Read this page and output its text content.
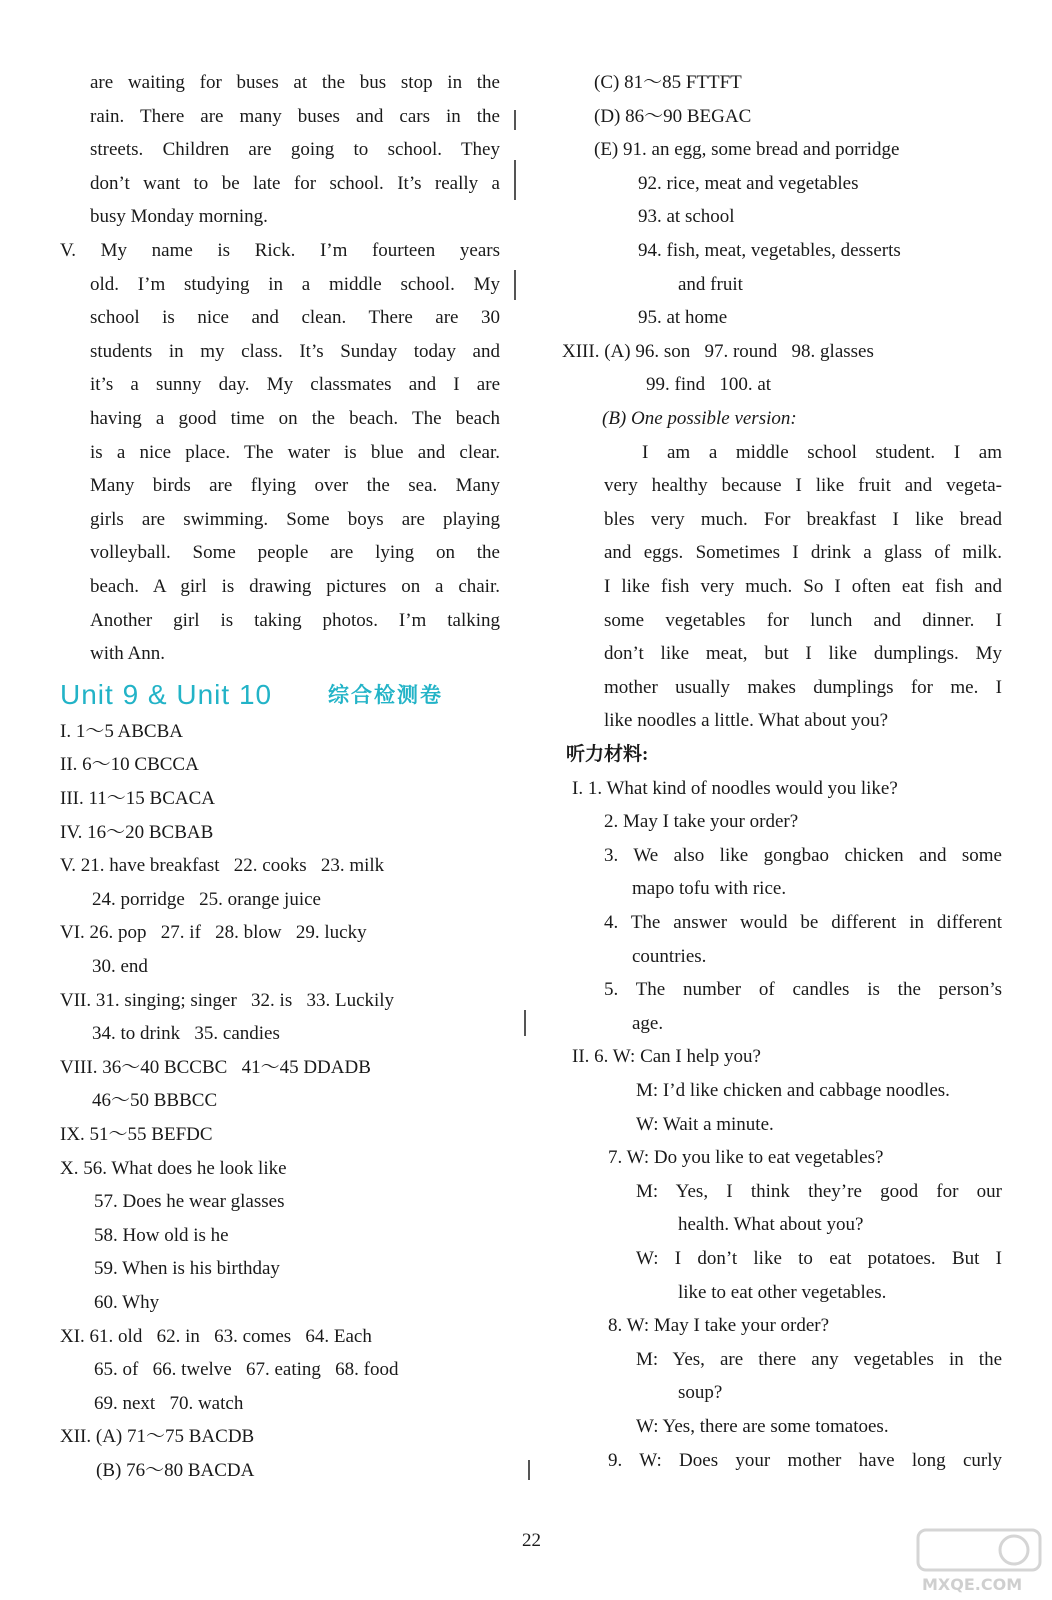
are waiting for buses at the bus stop in the
rain. There are many buses and cars in the
streets. Children are going to school. They
don’t want to be late for school. It’s really a
busy Monday morning.
V. My name is Rick. I’m fourteen years
old. I’m studying in a middle school. My
school is nice and clean. There are 30
students in my class. It’s Sunday today and
it’s a sunny day. My classmates and I are
having a good time on the beach. The beach
is a nice place. The water is blue and clear.
Many birds are flying over the sea. Many
girls are swimming. Some boys are playing
volleyball. Some people are lying on the
beach. A girl is drawing pictures on a chair.
Another girl is taking photos. I’m talking
with Ann.
Unit 9 & Unit 10	综合检测卷
I. 1～5 ABCBA
II. 6～10 CBCCA
III. 11～15 BCACA
IV. 16～20 BCBAB
V. 21. have breakfast   22. cooks   23. milk
24. porridge   25. orange juice
VI. 26. pop   27. if   28. blow   29. lucky
30. end
VII. 31. singing; singer   32. is   33. Luckily
34. to drink   35. candies
VIII. 36～40 BCCBC   41～45 DDADB
46～50 BBBCC
IX. 51～55 BEFDC
X. 56. What does he look like
57. Does he wear glasses
58. How old is he
59. When is his birthday
60. Why
XI. 61. old   62. in   63. comes   64. Each
65. of   66. twelve   67. eating   68. food
69. next   70. watch
XII. (A) 71～75 BACDB
(B) 76～80 BACDA
(C) 81～85 FTTFT
(D) 86～90 BEGAC
(E) 91. an egg, some bread and porridge
92. rice, meat and vegetables
93. at school
94. fish, meat, vegetables, desserts
and fruit
95. at home
XIII. (A) 96. son   97. round   98. glasses
99. find   100. at
(B) One possible version:
I am a middle school student. I am
very healthy because I like fruit and vegeta-
bles very much. For breakfast I like bread
and eggs. Sometimes I drink a glass of milk.
I like fish very much. So I often eat fish and
some vegetables for lunch and dinner. I
don’t like meat, but I like dumplings. My
mother usually makes dumplings for me. I
like noodles a little. What about you?
听力材料:
I. 1. What kind of noodles would you like?
2. May I take your order?
3. We also like gongbao chicken and some
mapo tofu with rice.
4. The answer would be different in different
countries.
5. The number of candles is the person’s
age.
II. 6. W: Can I help you?
M: I’d like chicken and cabbage noodles.
W: Wait a minute.
7. W: Do you like to eat vegetables?
M: Yes, I think they’re good for our
health. What about you?
W: I don’t like to eat potatoes. But I
like to eat other vegetables.
8. W: May I take your order?
M: Yes, are there any vegetables in the
soup?
W: Yes, there are some tomatoes.
9. W: Does your mother have long curly
22
MXQE.COM
